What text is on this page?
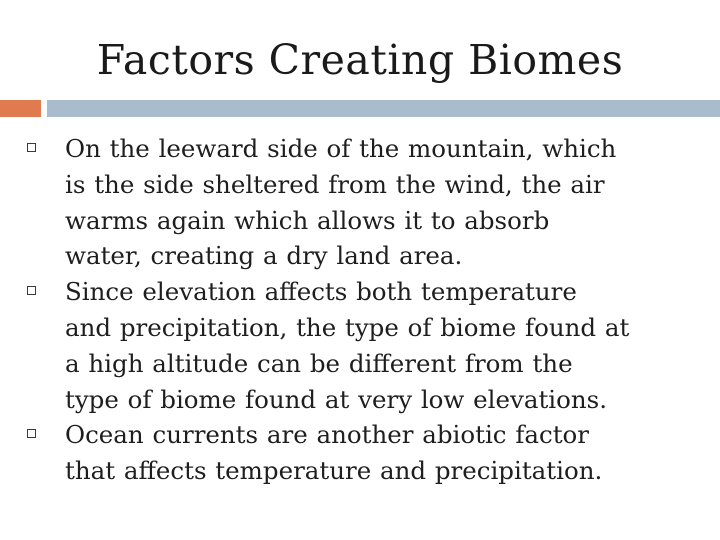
Factors Creating Biomes
On the leeward side of the mountain, which
is the side sheltered from the wind, the air
warms again which allows it to absorb
water, creating a dry land area.
Since elevation affects both temperature
and precipitation, the type of biome found at
a high altitude can be different from the
type of biome found at very low elevations.
Ocean currents are another abiotic factor
that affects temperature and precipitation.
